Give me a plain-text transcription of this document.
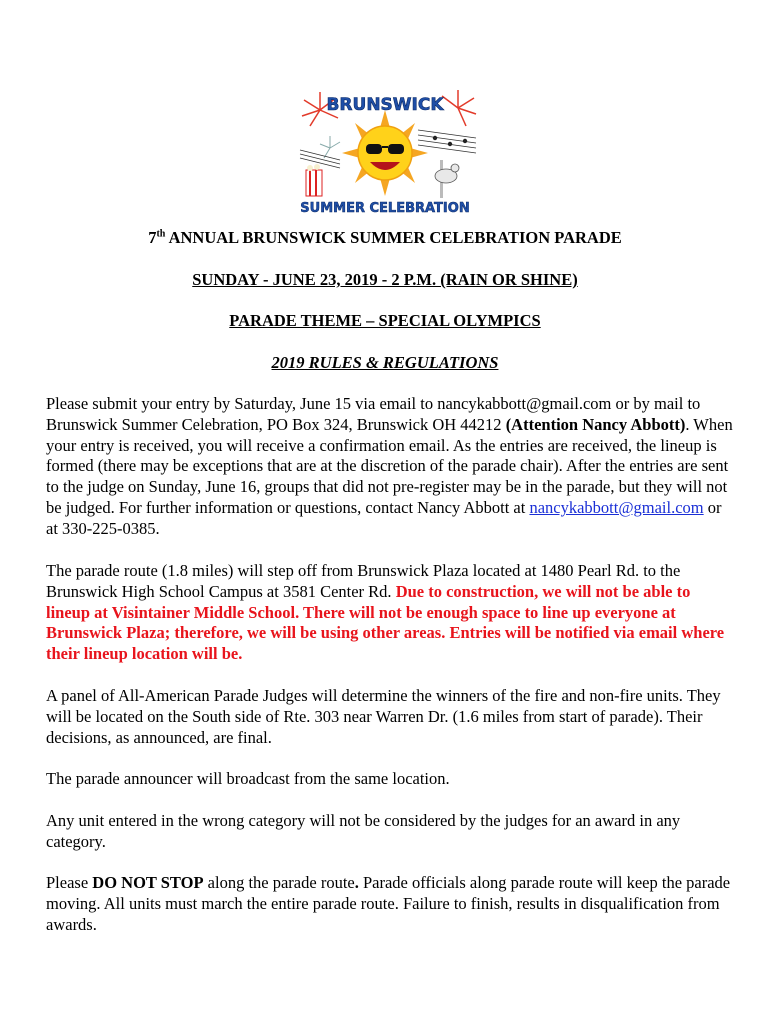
BRUNSWICK
SUMMER CELEBRATION
7th ANNUAL BRUNSWICK SUMMER CELEBRATION PARADE
SUNDAY - JUNE 23, 2019 - 2 P.M. (RAIN OR SHINE)
PARADE THEME – SPECIAL OLYMPICS
2019 RULES & REGULATIONS

Please submit your entry by Saturday, June 15 via email to nancykabbott@gmail.com or by mail to Brunswick Summer Celebration, PO Box 324, Brunswick OH 44212 (Attention Nancy Abbott). When your entry is received, you will receive a confirmation email. As the entries are received, the lineup is formed (there may be exceptions that are at the discretion of the parade chair). After the entries are sent to the judge on Sunday, June 16, groups that did not pre-register may be in the parade, but they will not be judged. For further information or questions, contact Nancy Abbott at nancykabbott@gmail.com or at 330-225-0385.

The parade route (1.8 miles) will step off from Brunswick Plaza located at 1480 Pearl Rd. to the Brunswick High School Campus at 3581 Center Rd. Due to construction, we will not be able to lineup at Visintainer Middle School. There will not be enough space to line up everyone at Brunswick Plaza; therefore, we will be using other areas. Entries will be notified via email where their lineup location will be.

A panel of All-American Parade Judges will determine the winners of the fire and non-fire units. They will be located on the South side of Rte. 303 near Warren Dr. (1.6 miles from start of parade). Their decisions, as announced, are final.

The parade announcer will broadcast from the same location.

Any unit entered in the wrong category will not be considered by the judges for an award in any category.

Please DO NOT STOP along the parade route. Parade officials along parade route will keep the parade moving. All units must march the entire parade route. Failure to finish, results in disqualification from awards.
